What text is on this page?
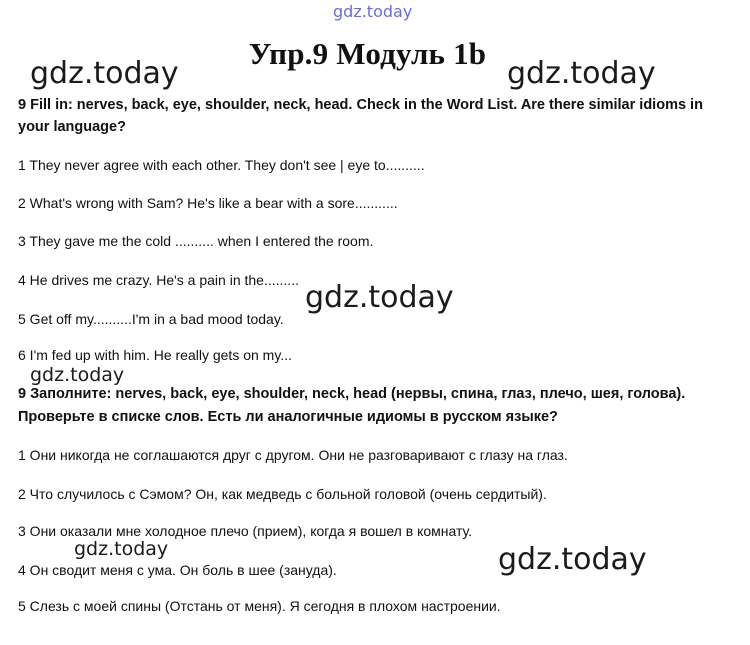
Упр.9 Модуль 1b
9 Fill in: nerves, back, eye, shoulder, neck, head. Check in the Word List. Are there similar idioms in
your language?
1 They never agree with each other. They don't see | eye to..........
2 What's wrong with Sam? He's like a bear with a sore...........
3 They gave me the cold .......... when I entered the room.
4 He drives me crazy. He's a pain in the.........
5 Get off my..........I'm in a bad mood today.
6 I'm fed up with him. He really gets on my...
9 Заполните: nerves, back, eye, shoulder, neck, head (нервы, спина, глаз, плечо, шея, голова).
Проверьте в списке слов. Есть ли аналогичные идиомы в русском языке?
1 Они никогда не соглашаются друг с другом. Они не разговаривают с глазу на глаз.
2 Что случилось с Сэмом? Он, как медведь с больной головой (очень сердитый).
3 Они оказали мне холодное плечо (прием), когда я вошел в комнату.
4 Он сводит меня с ума. Он боль в шее (зануда).
5 Слезь с моей спины (Отстань от меня). Я сегодня в плохом настроении.
gdz.today
gdz.today	gdz.today
gdz.today
gdz.today
gdz.today	gdz.today
